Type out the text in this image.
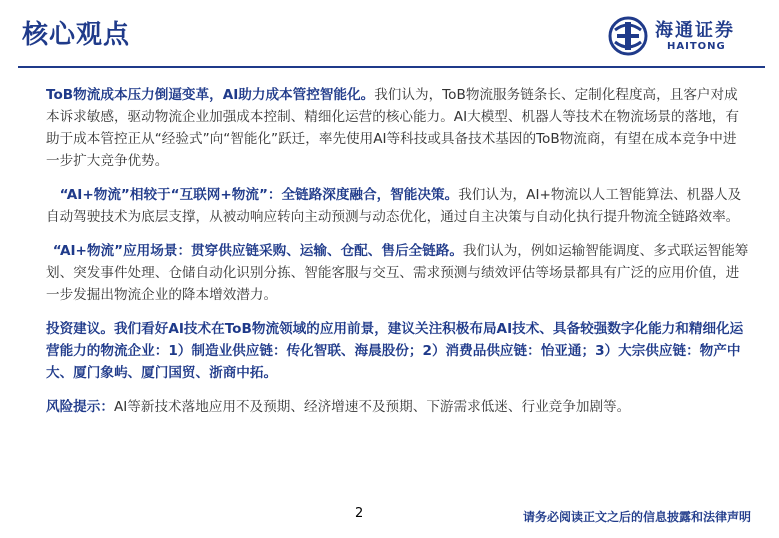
核心观点	海通证券
HAITONG

ToB物流成本压力倒逼变革，AI助力成本管控智能化。我们认为，ToB物流服务链条长、定制化程度高，且客户对成本诉求敏感，驱动物流企业加强成本控制、精细化运营的核心能力。AI大模型、机器人等技术在物流场景的落地，有助于成本管控正从“经验式”向“智能化”跃迁，率先使用AI等科技或具备技术基因的ToB物流商，有望在成本竞争中进一步扩大竞争优势。

“AI+物流”相较于“互联网+物流”：全链路深度融合，智能决策。我们认为，AI+物流以人工智能算法、机器人及自动驾驶技术为底层支撑，从被动响应转向主动预测与动态优化，通过自主决策与自动化执行提升物流全链路效率。

“AI+物流”应用场景：贯穿供应链采购、运输、仓配、售后全链路。我们认为，例如运输智能调度、多式联运智能筹划、突发事件处理、仓储自动化识别分拣、智能客服与交互、需求预测与绩效评估等场景都具有广泛的应用价值，进一步发掘出物流企业的降本增效潜力。

投资建议。我们看好AI技术在ToB物流领域的应用前景，建议关注积极布局AI技术、具备较强数字化能力和精细化运营能力的物流企业：1）制造业供应链：传化智联、海晨股份；2）消费品供应链：怡亚通；3）大宗供应链：物产中大、厦门象屿、厦门国贸、浙商中拓。

风险提示：AI等新技术落地应用不及预期、经济增速不及预期、下游需求低迷、行业竞争加剧等。

2	请务必阅读正文之后的信息披露和法律声明
